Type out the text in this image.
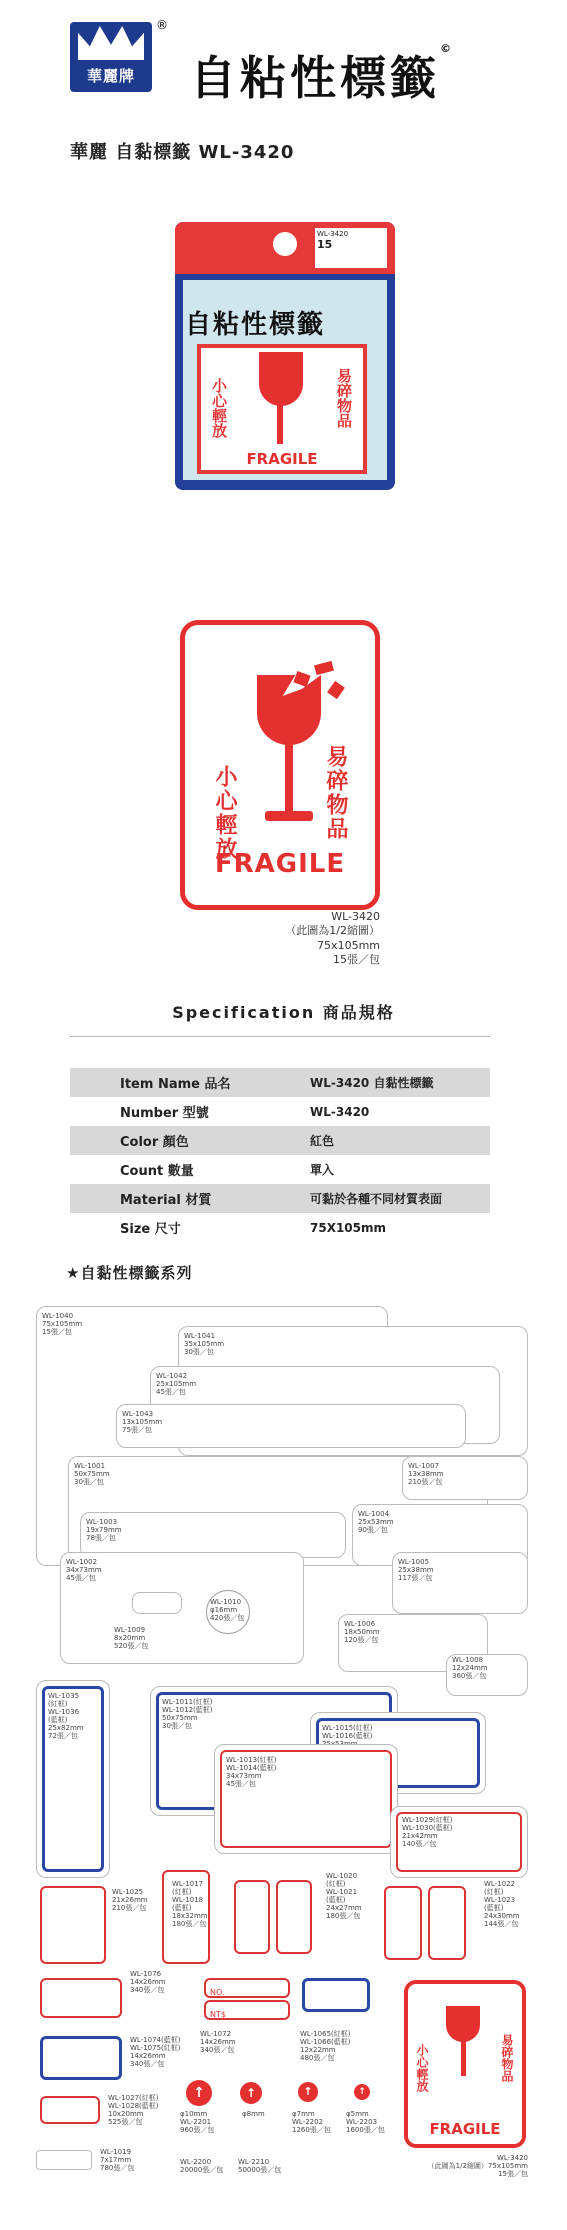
華麗牌
®
自粘性標籤©
華麗 自黏標籤 WL-3420
WL-3420
15
自粘性標籤
小心輕放	易碎物品
FRAGILE
小心輕放	易碎物品
FRAGILE
WL-3420
（此圖為1/2縮圖）75x105mm
15張／包
Specification 商品規格
Item Name 品名	WL-3420 自黏性標籤
Number 型號	WL-3420
Color 顏色	紅色
Count 數量	單入
Material 材質	可黏於各種不同材質表面
Size 尺寸	75X105mm
★自黏性標籤系列
WL-1040
75x105mm
15張／包	WL-1041
35x105mm
30張／包
WL-1042
25x105mm
45張／包
WL-1043
13x105mm
75張／包
WL-1001
50x75mm
30張／包
WL-1007
13x38mm
210張／包
WL-1003
19x79mm
78張／包
WL-1004
25x53mm
90張／包
WL-1002
34x73mm
45張／包
WL-1005
25x38mm
117張／包
WL-1010
φ16mm
420張／包
WL-1009
8x20mm
520張／包
WL-1006
18x50mm
120張／包
WL-1008
12x24mm
360張／包
WL-1035
(紅框)
WL-1036
(藍框)
25x82mm
72張／包
WL-1011(紅框)
WL-1012(藍框)
50x75mm
30張／包	WL-1015(紅框)
WL-1016(藍框)

WL-1013(紅框)
WL-1014(藍框)
34x73mm
45張／包
WL-1029(紅框)
WL-1030(藍框)
21x42mm
140張／包
WL-1025
21x26mm
210張／包
WL-1017
(紅框)
WL-1018
(藍框)
18x32mm
180張／包
WL-1020
(紅框)
WL-1021
(藍框)
24x27mm
180張／包
WL-1022
(紅框)
WL-1023
(藍框)
24x30mm
144張／包
WL-1076
14x26mm
340張／包	NO.
NT$
WL-1074(藍框)
WL-1075(紅框)
14x26mm
340張／包
WL-1072
14x26mm
340張／包
WL-1065(紅框)
WL-1066(藍框)
12x22mm
480張／包
WL-1027(紅框)
WL-1028(藍框)
10x20mm
525張／包
↑
φ10mm
WL-2201
960張／包
↑
φ8mm
↑
φ7mm
WL-2202
1260張／包
↑
φ5mm
WL-2203
1600張／包
WL-1019
7x17mm
780張／包
WL-2200
20000張／包
WL-2210
50000張／包
小心輕放	易碎物品
FRAGILE
WL-3420
（此圖為1/2縮圖）75x105mm
15張／包
